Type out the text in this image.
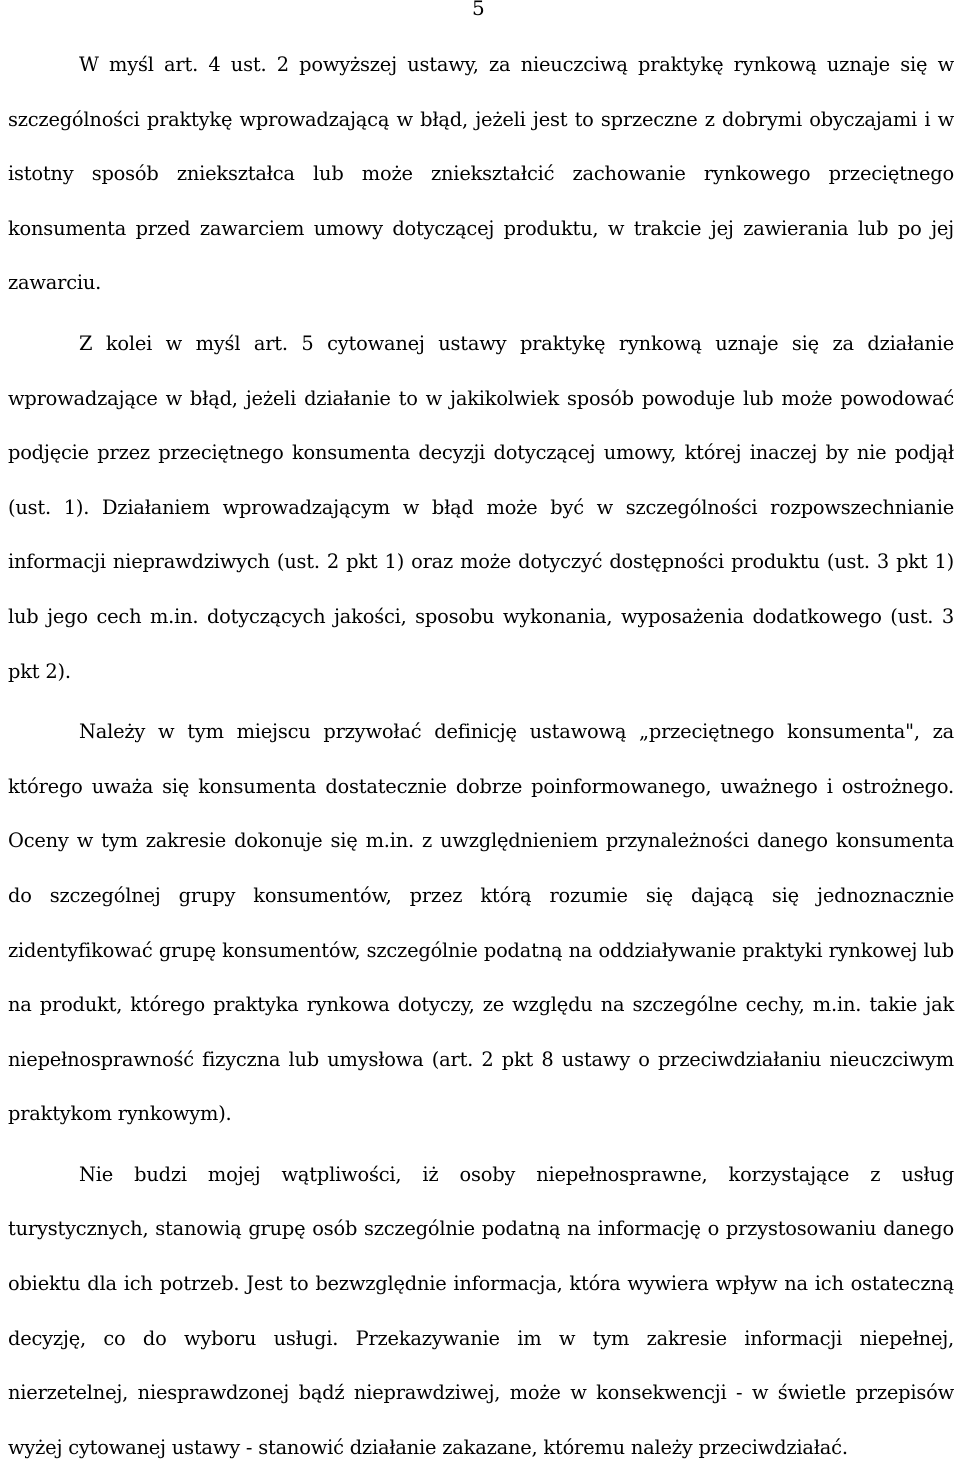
5

W myśl art. 4 ust. 2 powyższej ustawy, za nieuczciwą praktykę rynkową uznaje się w szczególności praktykę wprowadzającą w błąd, jeżeli jest to sprzeczne z dobrymi obyczajami i w istotny sposób zniekształca lub może zniekształcić zachowanie rynkowego przeciętnego konsumenta przed zawarciem umowy dotyczącej produktu, w trakcie jej zawierania lub po jej zawarciu.

Z kolei w myśl art. 5 cytowanej ustawy praktykę rynkową uznaje się za działanie wprowadzające w błąd, jeżeli działanie to w jakikolwiek sposób powoduje lub może powodować podjęcie przez przeciętnego konsumenta decyzji dotyczącej umowy, której inaczej by nie podjął (ust. 1). Działaniem wprowadzającym w błąd może być w szczególności rozpowszechnianie informacji nieprawdziwych (ust. 2 pkt 1) oraz może dotyczyć dostępności produktu (ust. 3 pkt 1) lub jego cech m.in. dotyczących jakości, sposobu wykonania, wyposażenia dodatkowego (ust. 3 pkt 2).

Należy w tym miejscu przywołać definicję ustawową „przeciętnego konsumenta", za którego uważa się konsumenta dostatecznie dobrze poinformowanego, uważnego i ostrożnego. Oceny w tym zakresie dokonuje się m.in. z uwzględnieniem przynależności danego konsumenta do szczególnej grupy konsumentów, przez którą rozumie się dającą się jednoznacznie zidentyfikować grupę konsumentów, szczególnie podatną na oddziaływanie praktyki rynkowej lub na produkt, którego praktyka rynkowa dotyczy, ze względu na szczególne cechy, m.in. takie jak niepełnosprawność fizyczna lub umysłowa (art. 2 pkt 8 ustawy o przeciwdziałaniu nieuczciwym praktykom rynkowym).

Nie budzi mojej wątpliwości, iż osoby niepełnosprawne, korzystające z usług turystycznych, stanowią grupę osób szczególnie podatną na informację o przystosowaniu danego obiektu dla ich potrzeb. Jest to bezwzględnie informacja, która wywiera wpływ na ich ostateczną decyzję, co do wyboru usługi. Przekazywanie im w tym zakresie informacji niepełnej, nierzetelnej, niesprawdzonej bądź nieprawdziwej, może w konsekwencji - w świetle przepisów wyżej cytowanej ustawy - stanowić działanie zakazane, któremu należy przeciwdziałać.
